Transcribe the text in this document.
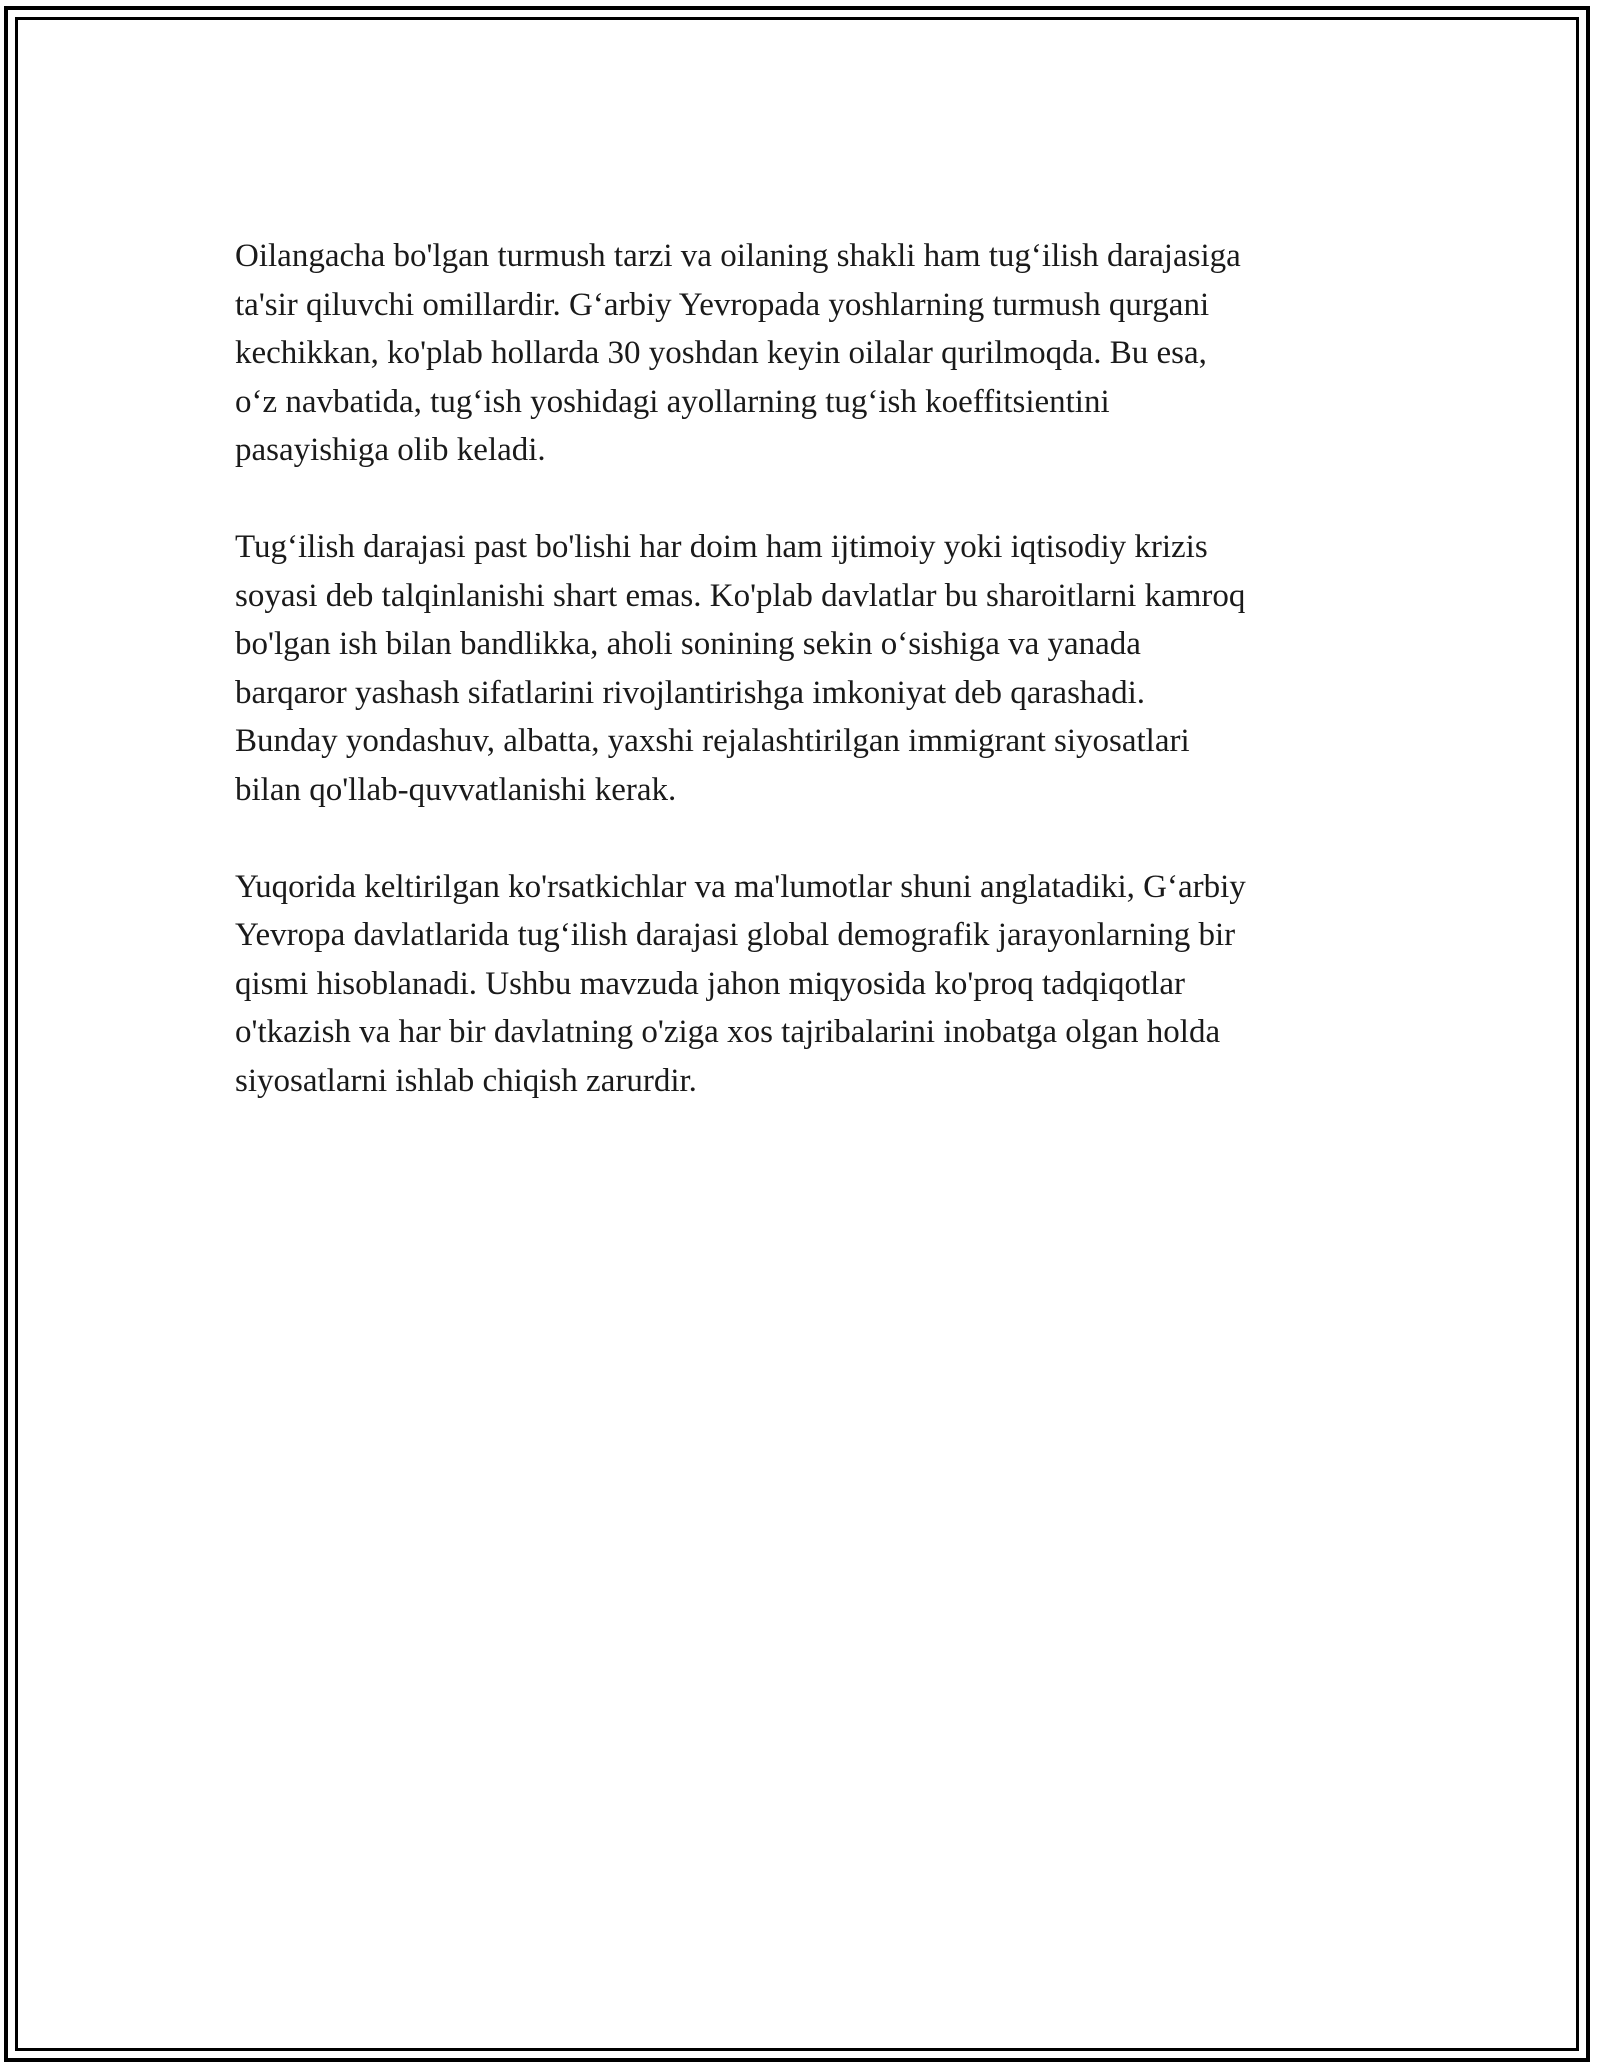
Oilangacha bo'lgan turmush tarzi va oilaning shakli ham tug‘ilish darajasiga
ta'sir qiluvchi omillardir. G‘arbiy Yevropada yoshlarning turmush qurgani
kechikkan, ko'plab hollarda 30 yoshdan keyin oilalar qurilmoqda. Bu esa,
o‘z navbatida, tug‘ish yoshidagi ayollarning tug‘ish koeffitsientini
pasayishiga olib keladi.

Tug‘ilish darajasi past bo'lishi har doim ham ijtimoiy yoki iqtisodiy krizis
soyasi deb talqinlanishi shart emas. Ko'plab davlatlar bu sharoitlarni kamroq
bo'lgan ish bilan bandlikka, aholi sonining sekin o‘sishiga va yanada
barqaror yashash sifatlarini rivojlantirishga imkoniyat deb qarashadi.
Bunday yondashuv, albatta, yaxshi rejalashtirilgan immigrant siyosatlari
bilan qo'llab-quvvatlanishi kerak.

Yuqorida keltirilgan ko'rsatkichlar va ma'lumotlar shuni anglatadiki, G‘arbiy
Yevropa davlatlarida tug‘ilish darajasi global demografik jarayonlarning bir
qismi hisoblanadi. Ushbu mavzuda jahon miqyosida ko'proq tadqiqotlar
o'tkazish va har bir davlatning o'ziga xos tajribalarini inobatga olgan holda
siyosatlarni ishlab chiqish zarurdir.
